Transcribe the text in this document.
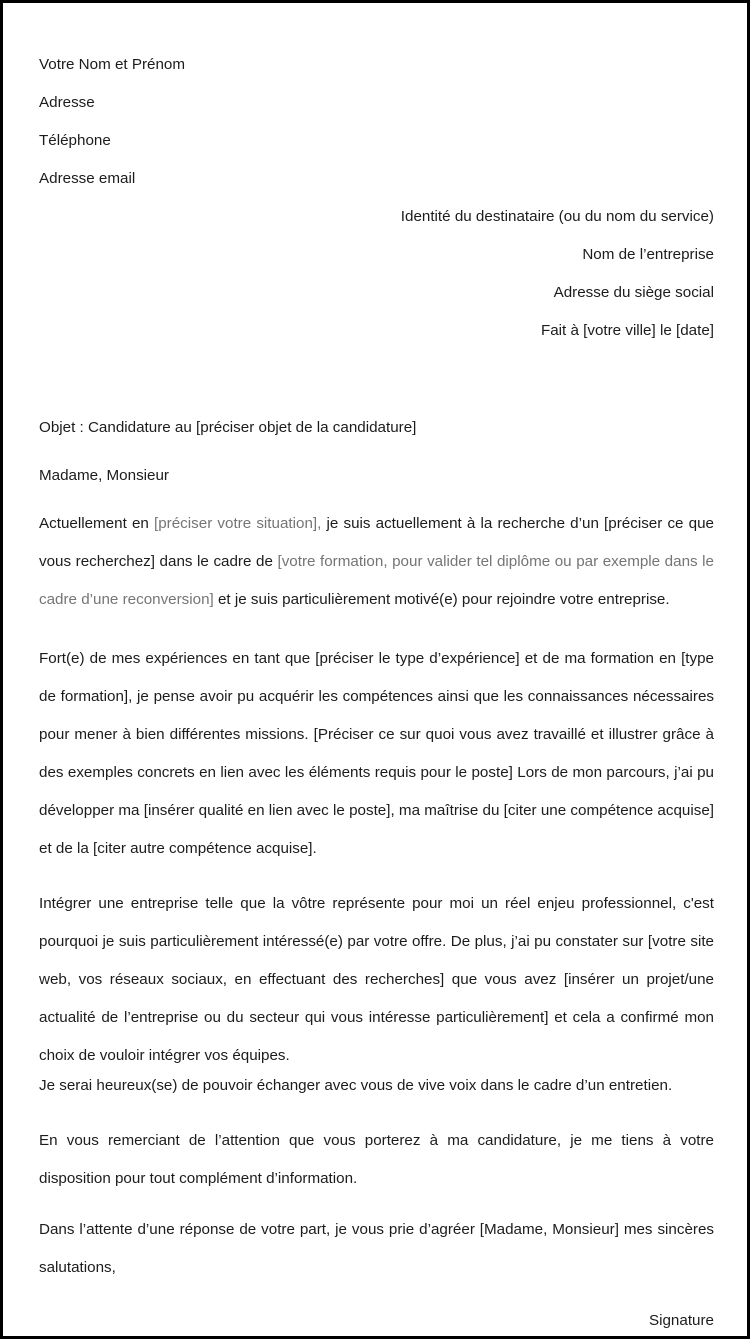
Votre Nom et Prénom

Adresse

Téléphone

Adresse email

Identité du destinataire (ou du nom du service)

Nom de l’entreprise

Adresse du siège social

Fait à [votre ville] le [date]

Objet : Candidature au [préciser objet de la candidature]

Madame, Monsieur

Actuellement en [préciser votre situation], je suis actuellement à la recherche d’un [préciser ce que vous recherchez] dans le cadre de [votre formation, pour valider tel diplôme ou par exemple dans le cadre d’une reconversion] et je suis particulièrement motivé(e) pour rejoindre votre entreprise.

Fort(e) de mes expériences en tant que [préciser le type d’expérience] et de ma formation en [type de formation], je pense avoir pu acquérir les compétences ainsi que les connaissances nécessaires pour mener à bien différentes missions. [Préciser ce sur quoi vous avez travaillé et illustrer grâce à des exemples concrets en lien avec les éléments requis pour le poste] Lors de mon parcours, j’ai pu développer ma [insérer qualité en lien avec le poste], ma maîtrise du [citer une compétence acquise] et de la [citer autre compétence acquise].

Intégrer une entreprise telle que la vôtre représente pour moi un réel enjeu professionnel, c'est pourquoi je suis particulièrement intéressé(e) par votre offre. De plus, j’ai pu constater sur [votre site web, vos réseaux sociaux, en effectuant des recherches] que vous avez [insérer un projet/une actualité de l’entreprise ou du secteur qui vous intéresse particulièrement] et cela a confirmé mon choix de vouloir intégrer vos équipes.

Je serai heureux(se) de pouvoir échanger avec vous de vive voix dans le cadre d’un entretien.

En vous remerciant de l’attention que vous porterez à ma candidature, je me tiens à votre disposition pour tout complément d’information.

Dans l’attente d’une réponse de votre part, je vous prie d’agréer [Madame, Monsieur] mes sincères salutations,

Signature
